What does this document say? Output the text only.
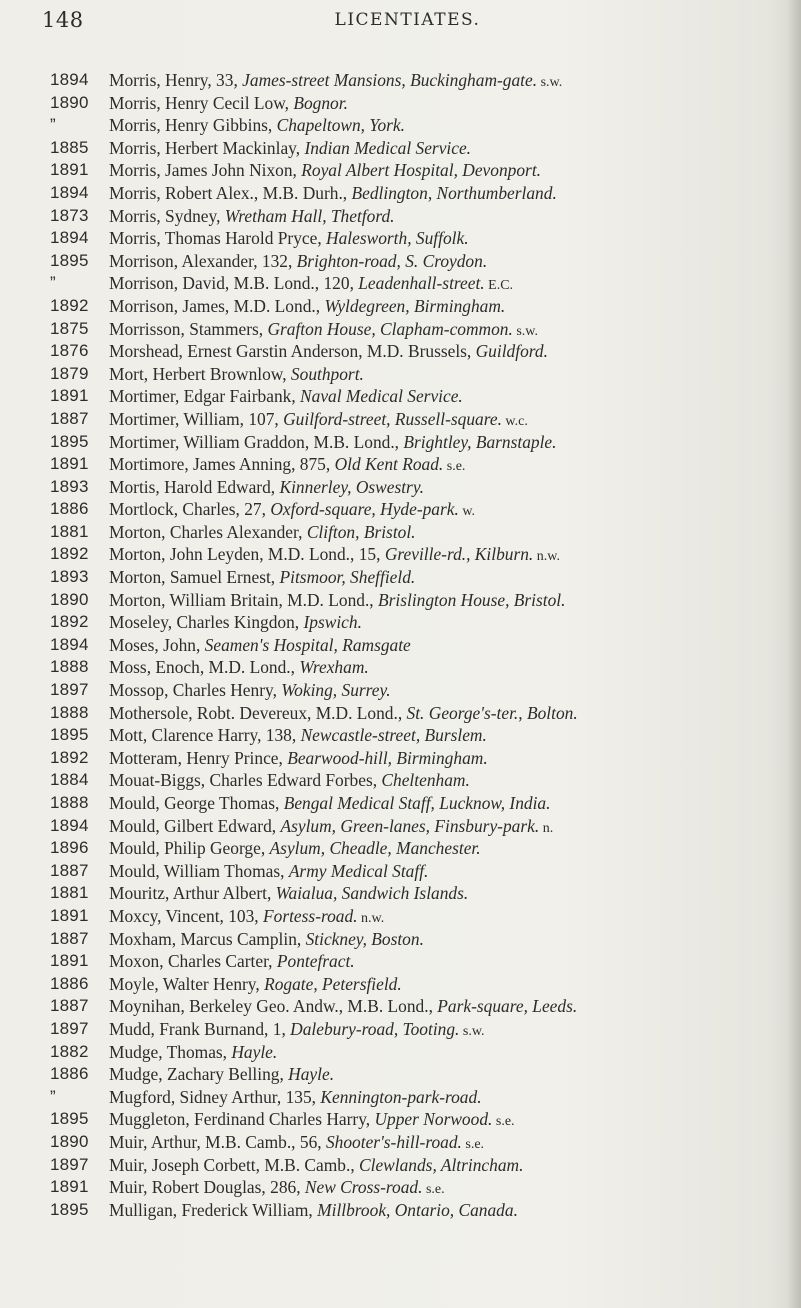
148	LICENTIATES.
1894	Morris, Henry, 33, James-street Mansions, Buckingham-gate. s.w.
1890	Morris, Henry Cecil Low, Bognor.
”	Morris, Henry Gibbins, Chapeltown, York.
1885	Morris, Herbert Mackinlay, Indian Medical Service.
1891	Morris, James John Nixon, Royal Albert Hospital, Devonport.
1894	Morris, Robert Alex., M.B. Durh., Bedlington, Northumberland.
1873	Morris, Sydney, Wretham Hall, Thetford.
1894	Morris, Thomas Harold Pryce, Halesworth, Suffolk.
1895	Morrison, Alexander, 132, Brighton-road, S. Croydon.
”	Morrison, David, M.B. Lond., 120, Leadenhall-street. E.C.
1892	Morrison, James, M.D. Lond., Wyldegreen, Birmingham.
1875	Morrisson, Stammers, Grafton House, Clapham-common. s.w.
1876	Morshead, Ernest Garstin Anderson, M.D. Brussels, Guildford.
1879	Mort, Herbert Brownlow, Southport.
1891	Mortimer, Edgar Fairbank, Naval Medical Service.
1887	Mortimer, William, 107, Guilford-street, Russell-square. w.c.
1895	Mortimer, William Graddon, M.B. Lond., Brightley, Barnstaple.
1891	Mortimore, James Anning, 875, Old Kent Road. s.e.
1893	Mortis, Harold Edward, Kinnerley, Oswestry.
1886	Mortlock, Charles, 27, Oxford-square, Hyde-park. w.
1881	Morton, Charles Alexander, Clifton, Bristol.
1892	Morton, John Leyden, M.D. Lond., 15, Greville-rd., Kilburn. n.w.
1893	Morton, Samuel Ernest, Pitsmoor, Sheffield.
1890	Morton, William Britain, M.D. Lond., Brislington House, Bristol.
1892	Moseley, Charles Kingdon, Ipswich.
1894	Moses, John, Seamen's Hospital, Ramsgate
1888	Moss, Enoch, M.D. Lond., Wrexham.
1897	Mossop, Charles Henry, Woking, Surrey.
1888	Mothersole, Robt. Devereux, M.D. Lond., St. George's-ter., Bolton.
1895	Mott, Clarence Harry, 138, Newcastle-street, Burslem.
1892	Motteram, Henry Prince, Bearwood-hill, Birmingham.
1884	Mouat-Biggs, Charles Edward Forbes, Cheltenham.
1888	Mould, George Thomas, Bengal Medical Staff, Lucknow, India.
1894	Mould, Gilbert Edward, Asylum, Green-lanes, Finsbury-park. n.
1896	Mould, Philip George, Asylum, Cheadle, Manchester.
1887	Mould, William Thomas, Army Medical Staff.
1881	Mouritz, Arthur Albert, Waialua, Sandwich Islands.
1891	Moxcy, Vincent, 103, Fortess-road. n.w.
1887	Moxham, Marcus Camplin, Stickney, Boston.
1891	Moxon, Charles Carter, Pontefract.
1886	Moyle, Walter Henry, Rogate, Petersfield.
1887	Moynihan, Berkeley Geo. Andw., M.B. Lond., Park-square, Leeds.
1897	Mudd, Frank Burnand, 1, Dalebury-road, Tooting. s.w.
1882	Mudge, Thomas, Hayle.
1886	Mudge, Zachary Belling, Hayle.
”	Mugford, Sidney Arthur, 135, Kennington-park-road.
1895	Muggleton, Ferdinand Charles Harry, Upper Norwood. s.e.
1890	Muir, Arthur, M.B. Camb., 56, Shooter's-hill-road. s.e.
1897	Muir, Joseph Corbett, M.B. Camb., Clewlands, Altrincham.
1891	Muir, Robert Douglas, 286, New Cross-road. s.e.
1895	Mulligan, Frederick William, Millbrook, Ontario, Canada.
